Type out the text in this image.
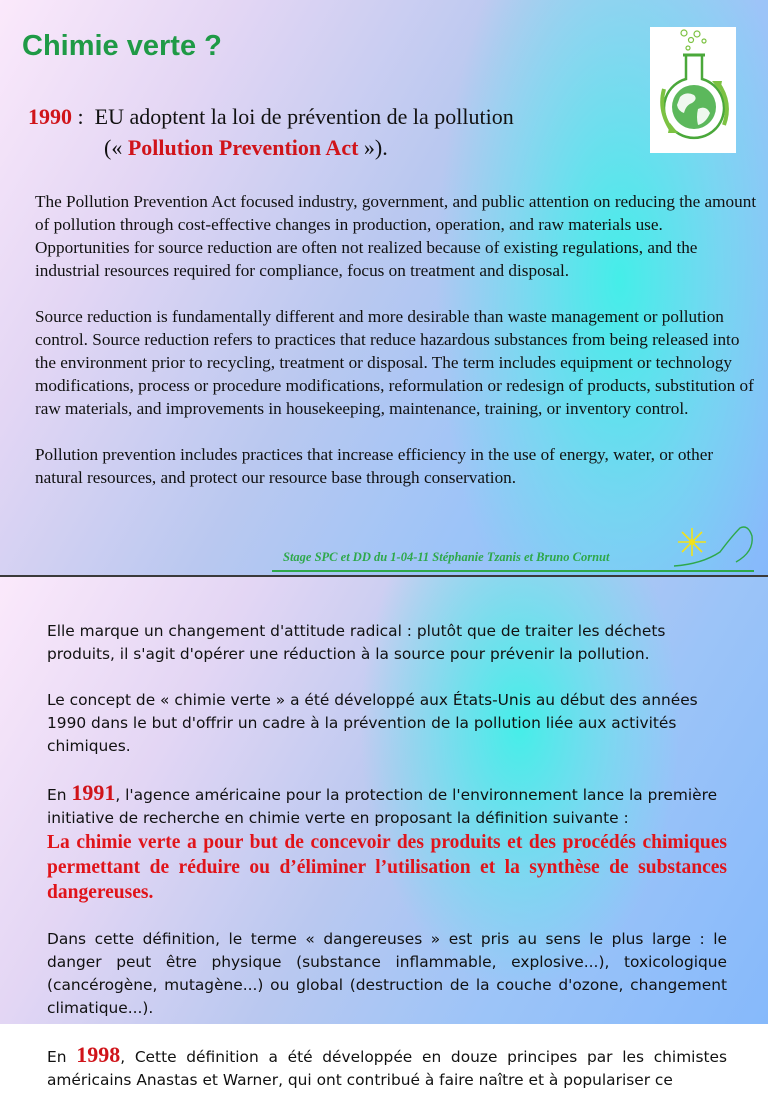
Chimie verte ?
1990 :  EU adoptent la loi de prévention de la pollution
(« Pollution Prevention Act »).

The Pollution Prevention Act focused industry, government, and public attention on reducing the amount of pollution through cost-effective changes in production, operation, and raw materials use. Opportunities for source reduction are often not realized because of existing regulations, and the industrial resources required for compliance, focus on treatment and disposal.

Source reduction is fundamentally different and more desirable than waste management or pollution control. Source reduction refers to practices that reduce hazardous substances from being released into the environment prior to recycling, treatment or disposal. The term includes equipment or technology modifications, process or procedure modifications, reformulation or redesign of products, substitution of raw materials, and improvements in housekeeping, maintenance, training, or inventory control.

Pollution prevention includes practices that increase efficiency in the use of energy, water, or other natural resources, and protect our resource base through conservation.

Stage SPC et DD du 1-04-11 Stéphanie Tzanis et Bruno Cornut

Elle marque un changement d'attitude radical : plutôt que de traiter les déchets produits, il s'agit d'opérer une réduction à la source pour prévenir la pollution.

Le concept de « chimie verte » a été développé aux États-Unis au début des années 1990 dans le but d'offrir un cadre à la prévention de la pollution liée aux activités chimiques.

En 1991, l'agence américaine pour la protection de l'environnement lance la première initiative de recherche en chimie verte en proposant la définition suivante :

La chimie verte a pour but de concevoir des produits et des procédés chimiques permettant de réduire ou d’éliminer l’utilisation et la synthèse de substances dangereuses.

Dans cette définition, le terme « dangereuses » est pris au sens le plus large : le danger peut être physique (substance inflammable, explosive...), toxicologique (cancérogène, mutagène...) ou global (destruction de la couche d'ozone, changement climatique...).

En 1998, Cette définition a été développée en douze principes par les chimistes américains Anastas et Warner, qui ont contribué à faire naître et à populariser ce
